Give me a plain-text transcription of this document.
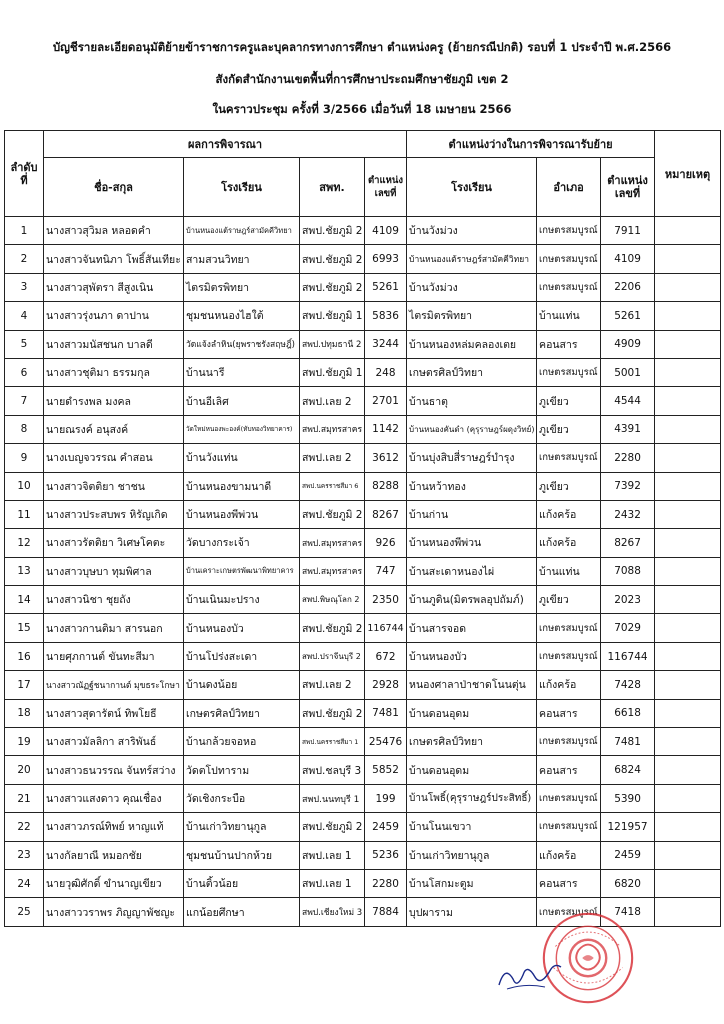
บัญชีรายละเอียดอนุมัติย้ายข้าราชการครูและบุคลากรทางการศึกษา ตำแหน่งครู (ย้ายกรณีปกติ) รอบที่ 1 ประจำปี พ.ศ.2566
สังกัดสำนักงานเขตพื้นที่การศึกษาประถมศึกษาชัยภูมิ เขต 2
ในคราวประชุม ครั้งที่ 3/2566 เมื่อวันที่ 18 เมษายน 2566
ลำดับ
ที่	ผลการพิจารณา				ตำแหน่งว่างในการพิจารณารับย้าย			หมายเหตุ
	ชื่อ-สกุล	โรงเรียน	สพท.	ตำแหน่ง
เลขที่	โรงเรียน	อำเภอ	ตำแหน่ง
เลขที่	

1	นางสาวสุวิมล หลอดคำ	บ้านหนองแต้ราษฎร์สามัคคีวิทยา	สพป.ชัยภูมิ 2	4109	บ้านวังม่วง	เกษตรสมบูรณ์	7911	
2	นางสาวจันทนิภา โพธิ์สันเทียะ	สามสวนวิทยา	สพป.ชัยภูมิ 2	6993	บ้านหนองแต้ราษฎร์สามัคคีวิทยา	เกษตรสมบูรณ์	4109	
3	นางสาวสุพัตรา สีสูงเนิน	ไตรมิตรพิทยา	สพป.ชัยภูมิ 2	5261	บ้านวังม่วง	เกษตรสมบูรณ์	2206	
4	นางสาวรุ่งนภา ดาปาน	ชุมชนหนองไฮใต้	สพป.ชัยภูมิ 1	5836	ไตรมิตรพิทยา	บ้านแท่น	5261	
5	นางสาวมนัสชนก บาลดี	วัดแจ้งลำหิน(ยุพราชรังสฤษฎิ์)	สพป.ปทุมธานี 2	3244	บ้านหนองหล่มคลองเตย	คอนสาร	4909	
6	นางสาวชุติมา ธรรมกุล	บ้านนารี	สพป.ชัยภูมิ 1	248	เกษตรศิลป์วิทยา	เกษตรสมบูรณ์	5001	
7	นายดำรงพล มงคล	บ้านอีเลิศ	สพป.เลย 2	2701	บ้านธาตุ	ภูเขียว	4544	
8	นายณรงค์ อนุสงค์	วัดใหม่หนองพะองค์(ทับทองวิทยาคาร)	สพป.สมุทรสาคร	1142	บ้านหนองคันดำ (คุรุราษฎร์ผดุงวิทย์)	ภูเขียว	4391	
9	นางเบญจวรรณ คำสอน	บ้านวังแท่น	สพป.เลย 2	3612	บ้านบุ่งสิบสี่ราษฎร์บำรุง	เกษตรสมบูรณ์	2280	
10	นางสาวจิตติยา ชาชน	บ้านหนองขามนาดี	สพป.นครราชสีมา 6	8288	บ้านหว้าทอง	ภูเขียว	7392	
11	นางสาวประสบพร หิรัญเกิด	บ้านหนองพีพ่วน	สพป.ชัยภูมิ 2	8267	บ้านก่าน	แก้งคร้อ	2432	
12	นางสาวรัตติยา วิเศษโคตะ	วัดบางกระเจ้า	สพป.สมุทรสาคร	926	บ้านหนองพีพ่วน	แก้งคร้อ	8267	
13	นางสาวบุษบา ทุมพิศาล	บ้านเคราะเกษตรพัฒนาพิทยาคาร	สพป.สมุทรสาคร	747	บ้านสะเดาหนองไผ่	บ้านแท่น	7088	
14	นางสาวนิชา ชุยถัง	บ้านเนินมะปราง	สพป.พิษณุโลก 2	2350	บ้านภูดิน(มิตรพลอุปถัมภ์)	ภูเขียว	2023	
15	นางสาวกานติมา สารนอก	บ้านหนองบัว	สพป.ชัยภูมิ 2	116744	บ้านสารจอด	เกษตรสมบูรณ์	7029	
16	นายศุภกานต์ ขันทะสีมา	บ้านโปร่งสะเดา	สพป.ปราจีนบุรี 2	672	บ้านหนองบัว	เกษตรสมบูรณ์	116744	
17	นางสาวณัฏฐ์ชนากานต์ มุขธระโกษา	บ้านดงน้อย	สพป.เลย 2	2928	หนองศาลาป่าชาดโนนตุ่น	แก้งคร้อ	7428	
18	นางสาวสุดารัตน์ ทิพโยธี	เกษตรศิลป์วิทยา	สพป.ชัยภูมิ 2	7481	บ้านดอนอุดม	คอนสาร	6618	
19	นางสาวมัลลิกา สาริพันธ์	บ้านกล้วยจอหอ	สพป.นครราชสีมา 1	25476	เกษตรศิลป์วิทยา	เกษตรสมบูรณ์	7481	
20	นางสาวธนวรรณ จันทร์สว่าง	วัดตโปทาราม	สพป.ชลบุรี 3	5852	บ้านดอนอุดม	คอนสาร	6824	
21	นางสาวแสงดาว คุณเชื่อง	วัดเชิงกระบือ	สพป.นนทบุรี 1	199	บ้านโพธิ์(คุรุราษฎร์ประสิทธิ์)	เกษตรสมบูรณ์	5390	
22	นางสาวภรณ์ทิพย์ หาญแท้	บ้านเก่าวิทยานุกูล	สพป.ชัยภูมิ 2	2459	บ้านโนนเขวา	เกษตรสมบูรณ์	121957	
23	นางกัลยาณี หมอกชัย	ชุมชนบ้านปากห้วย	สพป.เลย 1	5236	บ้านเก่าวิทยานุกูล	แก้งคร้อ	2459	
24	นายวุฒิศักดิ์ ขำนาญเขียว	บ้านติ้วน้อย	สพป.เลย 1	2280	บ้านโสกมะตูม	คอนสาร	6820	
25	นางสาววราพร ภิญญาพัชญะ	แกน้อยศึกษา	สพป.เชียงใหม่ 3	7884	บุปผาราม	เกษตรสมบูรณ์	7418	
